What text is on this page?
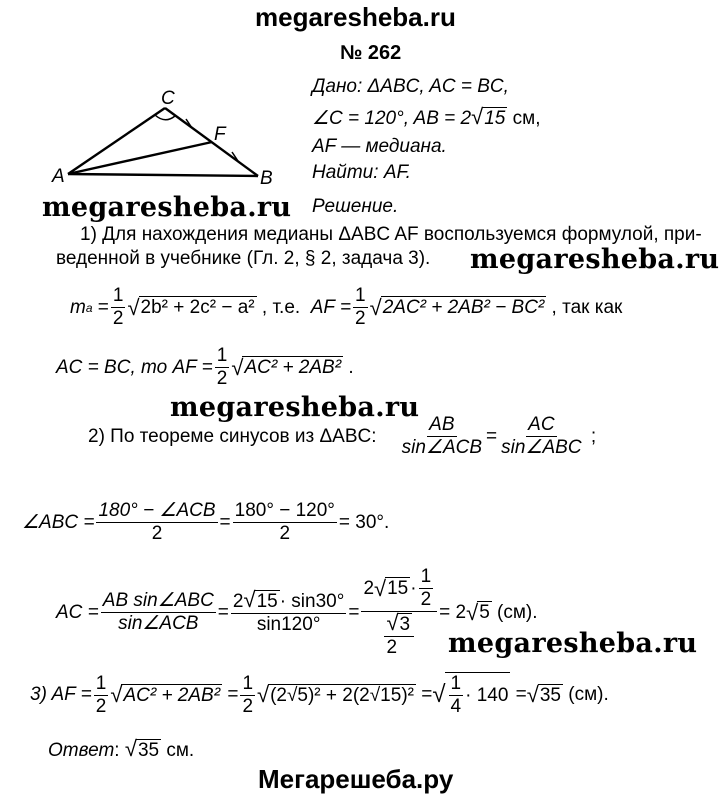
megaresheba.ru
№ 262
A	B
C
F
Дано: ΔABC, AC = BC,
∠C = 120°, AB = 2√15 см,
AF — медиана.
Найти: AF.
Решение.
megaresheba.ru
megaresheba.ru
megaresheba.ru
megaresheba.ru
1) Для нахождения медианы ΔABC AF воспользуемся формулой, при-
веденной в учебнике (Гл. 2, § 2, задача 3).
m $a = \frac{1}{2}$ √ 2b² + 2c² − a²
, т.е.
AF = $\frac{1}{2}$ √ 2AC² + 2AB² − BC²
, так как
AC = BC, то
AF = $\frac{1}{2}$ √ AC² + 2AB²
.
2) По теореме синусов из ΔABC:
$\frac{AB}{\text{sin∠ACB}} = \frac{AC}{\text{sin∠ABC}}$
;
∠ABC = $\frac{\text{180° − ∠ACB}}{2} = \frac{180^\circ - 120^\circ}{2} = 30^\circ$.
AC = $\frac{\text{AB sin∠ABC}}{\text{sin∠ACB}} = \frac{2√15 \cdot \sin 30^\circ}{\sin 120^\circ} = \frac{2 √ 15 \cdot \frac{1}{2}}{\frac{√3}{2}} = 2$ √ 5
(см).
3) AF = $\frac{1}{2}$ √ $AC^2 + 2AB^2 = \frac{1}{2}$ √ (2√5)² + 2(2√15)² = √ $\frac{1}{4} \cdot 140$ = √ 35
(см).
Ответ: √35 см.
Мегарешеба.ру
